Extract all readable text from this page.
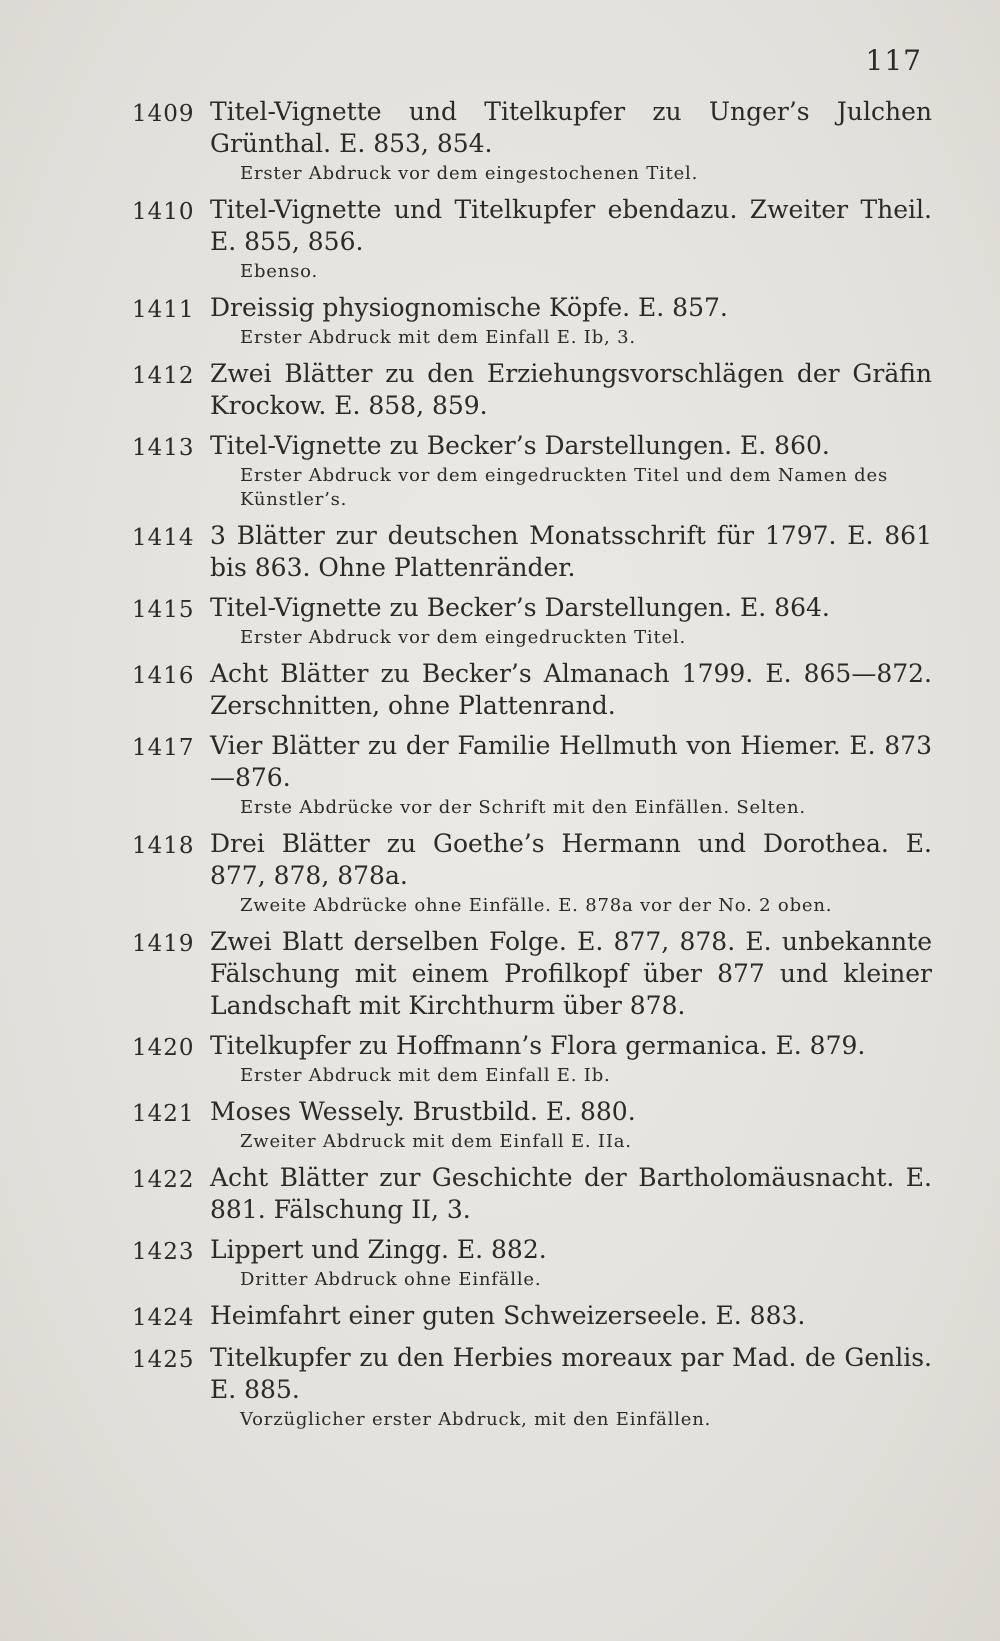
117
1409 Titel-Vignette und Titelkupfer zu Unger’s Julchen Grünthal. E. 853, 854.
Erster Abdruck vor dem eingestochenen Titel.
1410 Titel-Vignette und Titelkupfer ebendazu. Zweiter Theil. E. 855, 856.
Ebenso.
1411 Dreissig physiognomische Köpfe. E. 857.
Erster Abdruck mit dem Einfall E. Ib, 3.
1412 Zwei Blätter zu den Erziehungsvorschlägen der Gräfin Krockow. E. 858, 859.
1413 Titel-Vignette zu Becker’s Darstellungen. E. 860.
Erster Abdruck vor dem eingedruckten Titel und dem Namen des Künstler’s.
1414 3 Blätter zur deutschen Monatsschrift für 1797. E. 861 bis 863. Ohne Plattenränder.
1415 Titel-Vignette zu Becker’s Darstellungen. E. 864.
Erster Abdruck vor dem eingedruckten Titel.
1416 Acht Blätter zu Becker’s Almanach 1799. E. 865—872. Zerschnitten, ohne Plattenrand.
1417 Vier Blätter zu der Familie Hellmuth von Hiemer. E. 873—876.
Erste Abdrücke vor der Schrift mit den Einfällen. Selten.
1418 Drei Blätter zu Goethe’s Hermann und Dorothea. E. 877, 878, 878a.
Zweite Abdrücke ohne Einfälle. E. 878a vor der No. 2 oben.
1419 Zwei Blatt derselben Folge. E. 877, 878. E. unbekannte Fälschung mit einem Profilkopf über 877 und kleiner Landschaft mit Kirchthurm über 878.
1420 Titelkupfer zu Hoffmann’s Flora germanica. E. 879.
Erster Abdruck mit dem Einfall E. Ib.
1421 Moses Wessely. Brustbild. E. 880.
Zweiter Abdruck mit dem Einfall E. IIa.
1422 Acht Blätter zur Geschichte der Bartholomäusnacht. E. 881. Fälschung II, 3.
1423 Lippert und Zingg. E. 882.
Dritter Abdruck ohne Einfälle.
1424 Heimfahrt einer guten Schweizerseele. E. 883.
1425 Titelkupfer zu den Herbies moreaux par Mad. de Genlis. E. 885.
Vorzüglicher erster Abdruck, mit den Einfällen.
